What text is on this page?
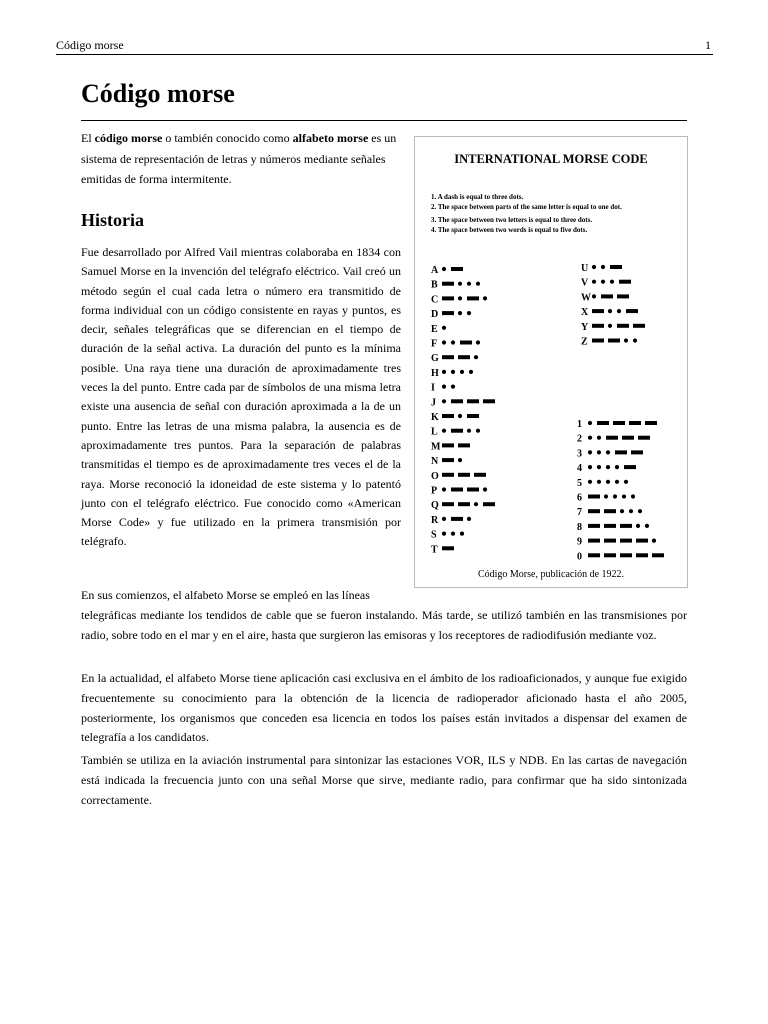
Código morse	1
Código morse
El código morse o también conocido como alfabeto morse es un sistema de representación de letras y números mediante señales emitidas de forma intermitente.
Historia
Fue desarrollado por Alfred Vail mientras colaboraba en 1834 con Samuel Morse en la invención del telégrafo eléctrico. Vail creó un método según el cual cada letra o número era transmitido de forma individual con un código consistente en rayas y puntos, es decir, señales telegráficas que se diferencian en el tiempo de duración de la señal activa. La duración del punto es la mínima posible. Una raya tiene una duración de aproximadamente tres veces la del punto. Entre cada par de símbolos de una misma letra existe una ausencia de señal con duración aproximada a la de un punto. Entre las letras de una misma palabra, la ausencia es de aproximadamente tres puntos. Para la separación de palabras transmitidas el tiempo es de aproximadamente tres veces el de la raya. Morse reconoció la idoneidad de este sistema y lo patentó junto con el telégrafo eléctrico. Fue conocido como «American Morse Code» y fue utilizado en la primera transmisión por telégrafo.
INTERNATIONAL MORSE CODE
1. A dash is equal to three dots.
2. The space between parts of the same letter is equal to one dot.
3. The space between two letters is equal to three dots.
4. The space between two words is equal to five dots.
A
B
C
D
E
F
G
H
I
J
K
L
M
N
O
P
Q
R
S
T
U
V
W
X
Y
Z
1
2
3
4
5
6
7
8
9
0
Código Morse, publicación de 1922.
En sus comienzos, el alfabeto Morse se empleó en las líneas
telegráficas mediante los tendidos de cable que se fueron instalando. Más tarde, se utilizó también en las transmisiones por radio, sobre todo en el mar y en el aire, hasta que surgieron las emisoras y los receptores de radiodifusión mediante voz.
En la actualidad, el alfabeto Morse tiene aplicación casi exclusiva en el ámbito de los radioaficionados, y aunque fue exigido frecuentemente su conocimiento para la obtención de la licencia de radioperador aficionado hasta el año 2005, posteriormente, los organismos que conceden esa licencia en todos los países están invitados a dispensar del examen de telegrafía a los candidatos.
También se utiliza en la aviación instrumental para sintonizar las estaciones VOR, ILS y NDB. En las cartas de navegación está indicada la frecuencia junto con una señal Morse que sirve, mediante radio, para confirmar que ha sido sintonizada correctamente.
